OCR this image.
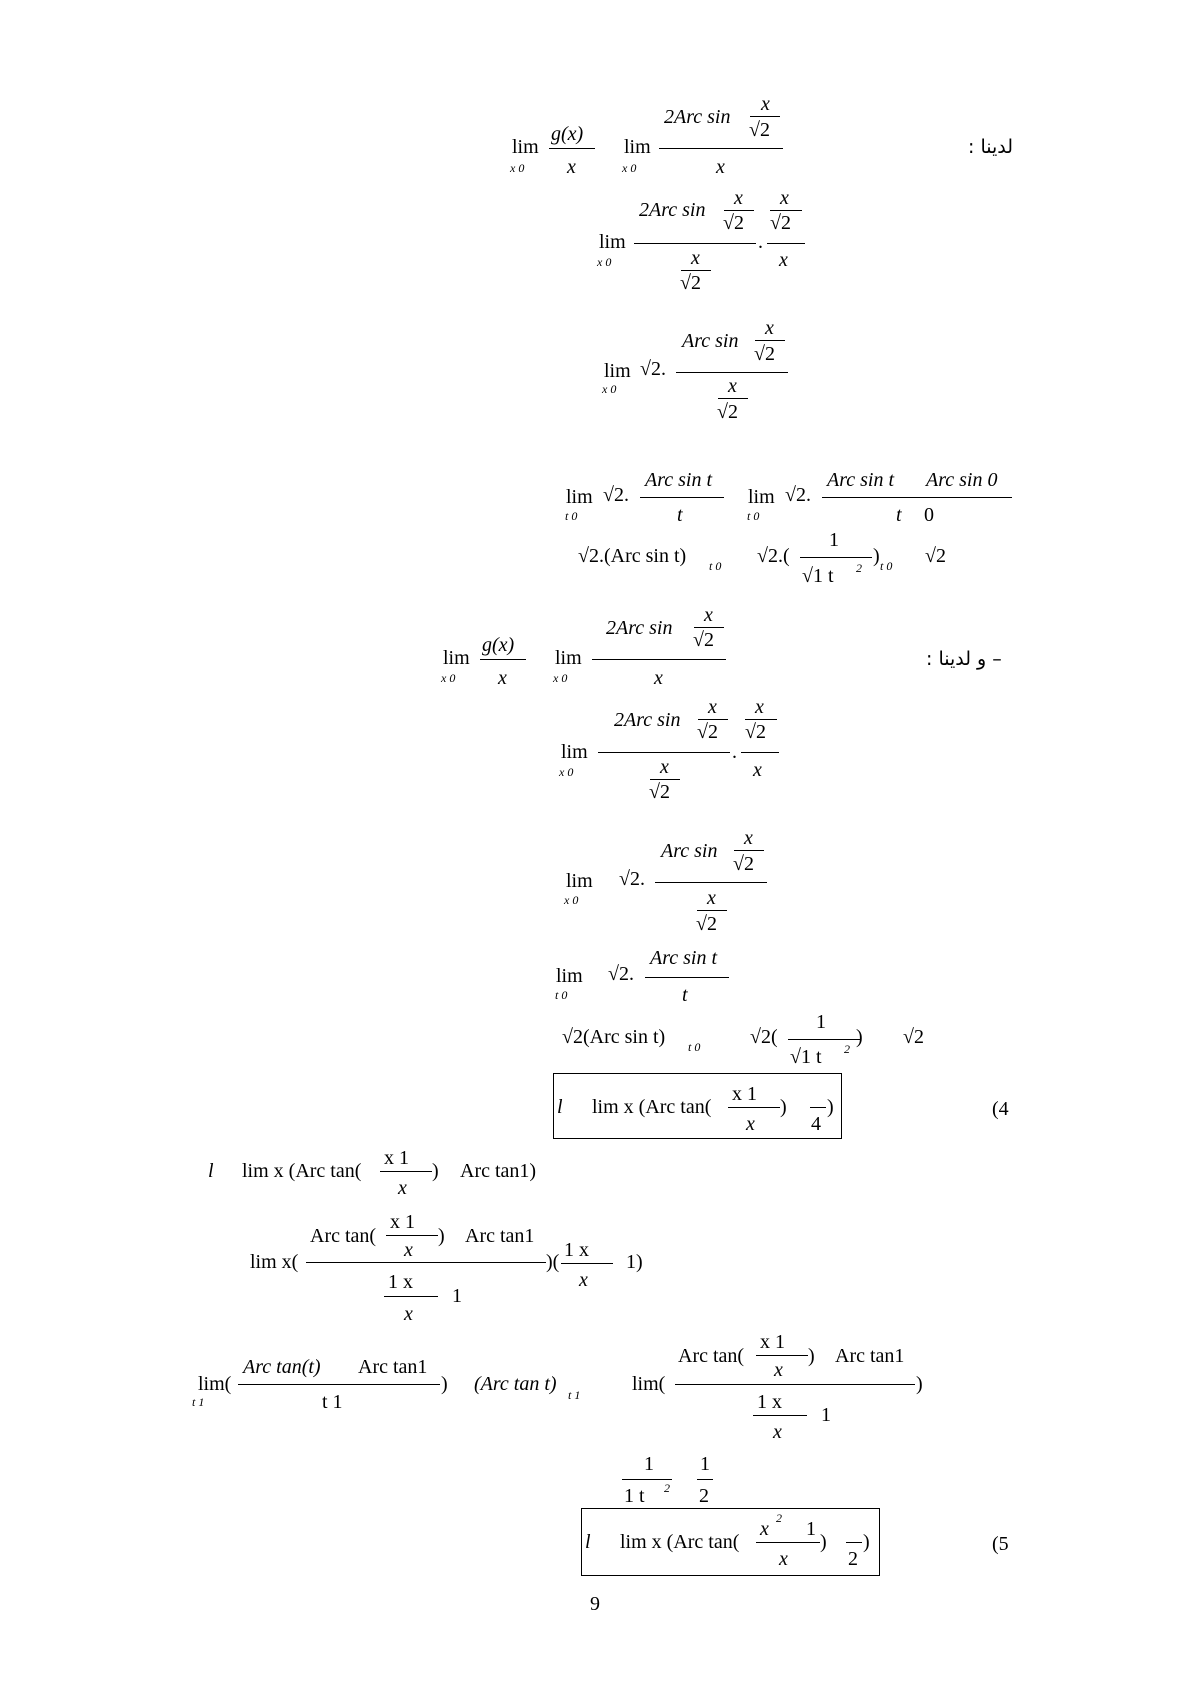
لدينا :
lim
x 0
g(x)
x
lim
x 0
2Arc sin
x
√2
x
lim
x 0
2Arc sin
x
√2
x
√2
.
x
√2
x
lim
x 0
√2.
Arc sin
x
√2
x
√2
lim
t 0
√2.
Arc sin t
t
lim
t 0
√2.
Arc sin t Arc sin 0
t 0
√2.(Arc sin t) t 0 √2.(
1
√1 t 2
) t 0 √2
– و لدينا :
lim
x 0
g(x)
x
lim
x 0
2Arc sin
x
√2
x
lim
x 0
2Arc sin
x
√2
x
√2
.
x
√2
x
lim
x 0
√2.
Arc sin
x
√2
x
√2
lim
t 0
√2.
Arc sin t
t
√2(Arc sin t) t 0 √2(
1
√1 t 2
) √2
(4
l lim x (Arc tan(
x 1
x
)
4
)
l lim x (Arc tan(
x 1
x
) Arc tan1)
lim x(
Arc tan(
x 1
x
) Arc tan1
1 x
x
1
)(
1 x
x
1)
lim(
t 1
Arc tan(t) Arc tan1
t 1
) (Arc tan t) t 1	lim(
Arc tan(
x 1
x
) Arc tan1
1 x
x
1
)
1
1 t 2
1
2
(5
l lim x (Arc tan(
x 2 1
x
)
2
)
9
